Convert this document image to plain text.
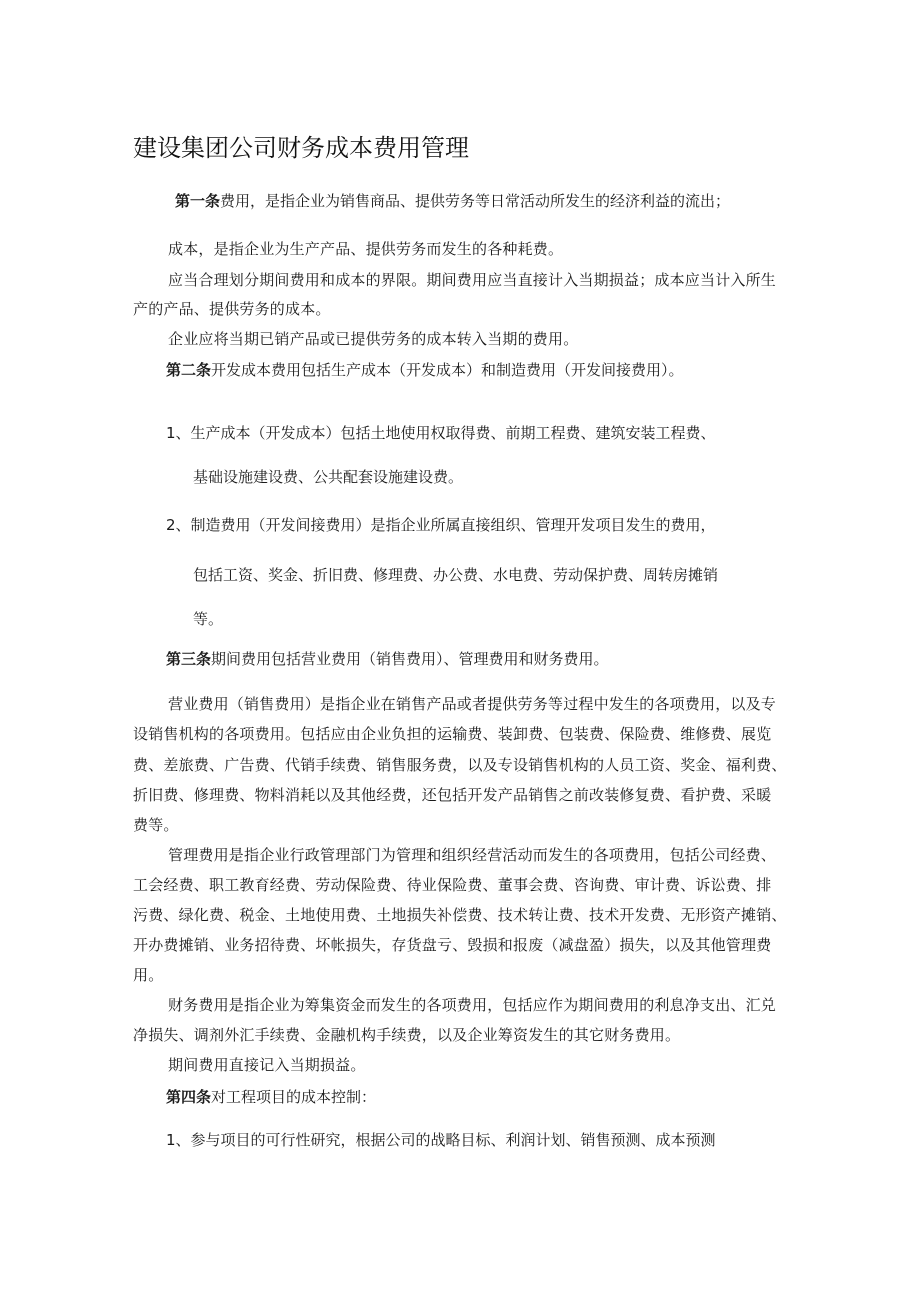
建设集团公司财务成本费用管理
第一条费用，是指企业为销售商品、提供劳务等日常活动所发生的经济利益的流出；
成本，是指企业为生产产品、提供劳务而发生的各种耗费。
应当合理划分期间费用和成本的界限。期间费用应当直接计入当期损益；成本应当计入所生
产的产品、提供劳务的成本。
企业应将当期已销产品或已提供劳务的成本转入当期的费用。
第二条开发成本费用包括生产成本（开发成本）和制造费用（开发间接费用）。
1、生产成本（开发成本）包括土地使用权取得费、前期工程费、建筑安装工程费、
基础设施建设费、公共配套设施建设费。
2、制造费用（开发间接费用）是指企业所属直接组织、管理开发项目发生的费用，
包括工资、奖金、折旧费、修理费、办公费、水电费、劳动保护费、周转房摊销
等。
第三条期间费用包括营业费用（销售费用）、管理费用和财务费用。
营业费用（销售费用）是指企业在销售产品或者提供劳务等过程中发生的各项费用，以及专
设销售机构的各项费用。包括应由企业负担的运输费、装卸费、包装费、保险费、维修费、展览
费、差旅费、广告费、代销手续费、销售服务费，以及专设销售机构的人员工资、奖金、福利费、
折旧费、修理费、物料消耗以及其他经费，还包括开发产品销售之前改装修复费、看护费、采暖
费等。
管理费用是指企业行政管理部门为管理和组织经营活动而发生的各项费用，包括公司经费、
工会经费、职工教育经费、劳动保险费、待业保险费、董事会费、咨询费、审计费、诉讼费、排
污费、绿化费、税金、土地使用费、土地损失补偿费、技术转让费、技术开发费、无形资产摊销、
开办费摊销、业务招待费、坏帐损失，存货盘亏、毁损和报废（减盘盈）损失，以及其他管理费
用。
财务费用是指企业为筹集资金而发生的各项费用，包括应作为期间费用的利息净支出、汇兑
净损失、调剂外汇手续费、金融机构手续费，以及企业筹资发生的其它财务费用。
期间费用直接记入当期损益。
第四条对工程项目的成本控制：
1、参与项目的可行性研究，根据公司的战略目标、利润计划、销售预测、成本预测
